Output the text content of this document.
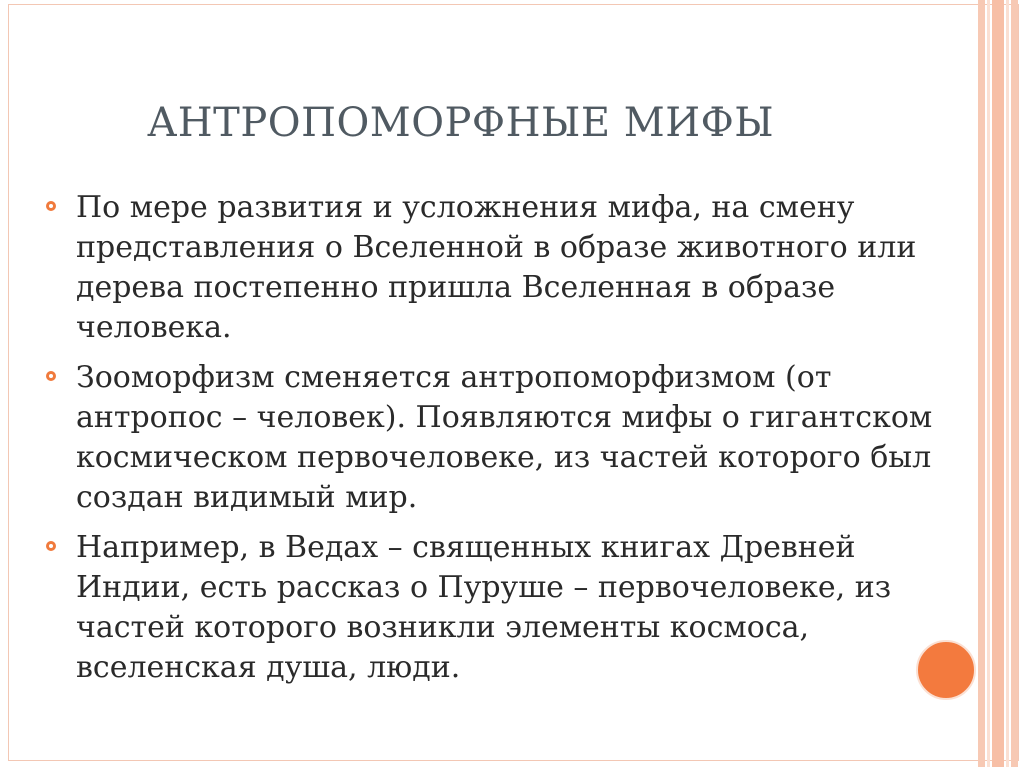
АНТРОПОМОРФНЫЕ МИФЫ
По мере развития и усложнения мифа, на смену
представления о Вселенной в образе животного или
дерева постепенно пришла Вселенная в образе
человека.
Зооморфизм сменяется антропоморфизмом (от
антропос – человек). Появляются мифы о гигантском
космическом первочеловеке, из частей которого был
создан видимый мир.
Например, в Ведах – священных книгах Древней
Индии, есть рассказ о Пуруше – первочеловеке, из
частей которого возникли элементы космоса,
вселенская душа, люди.
